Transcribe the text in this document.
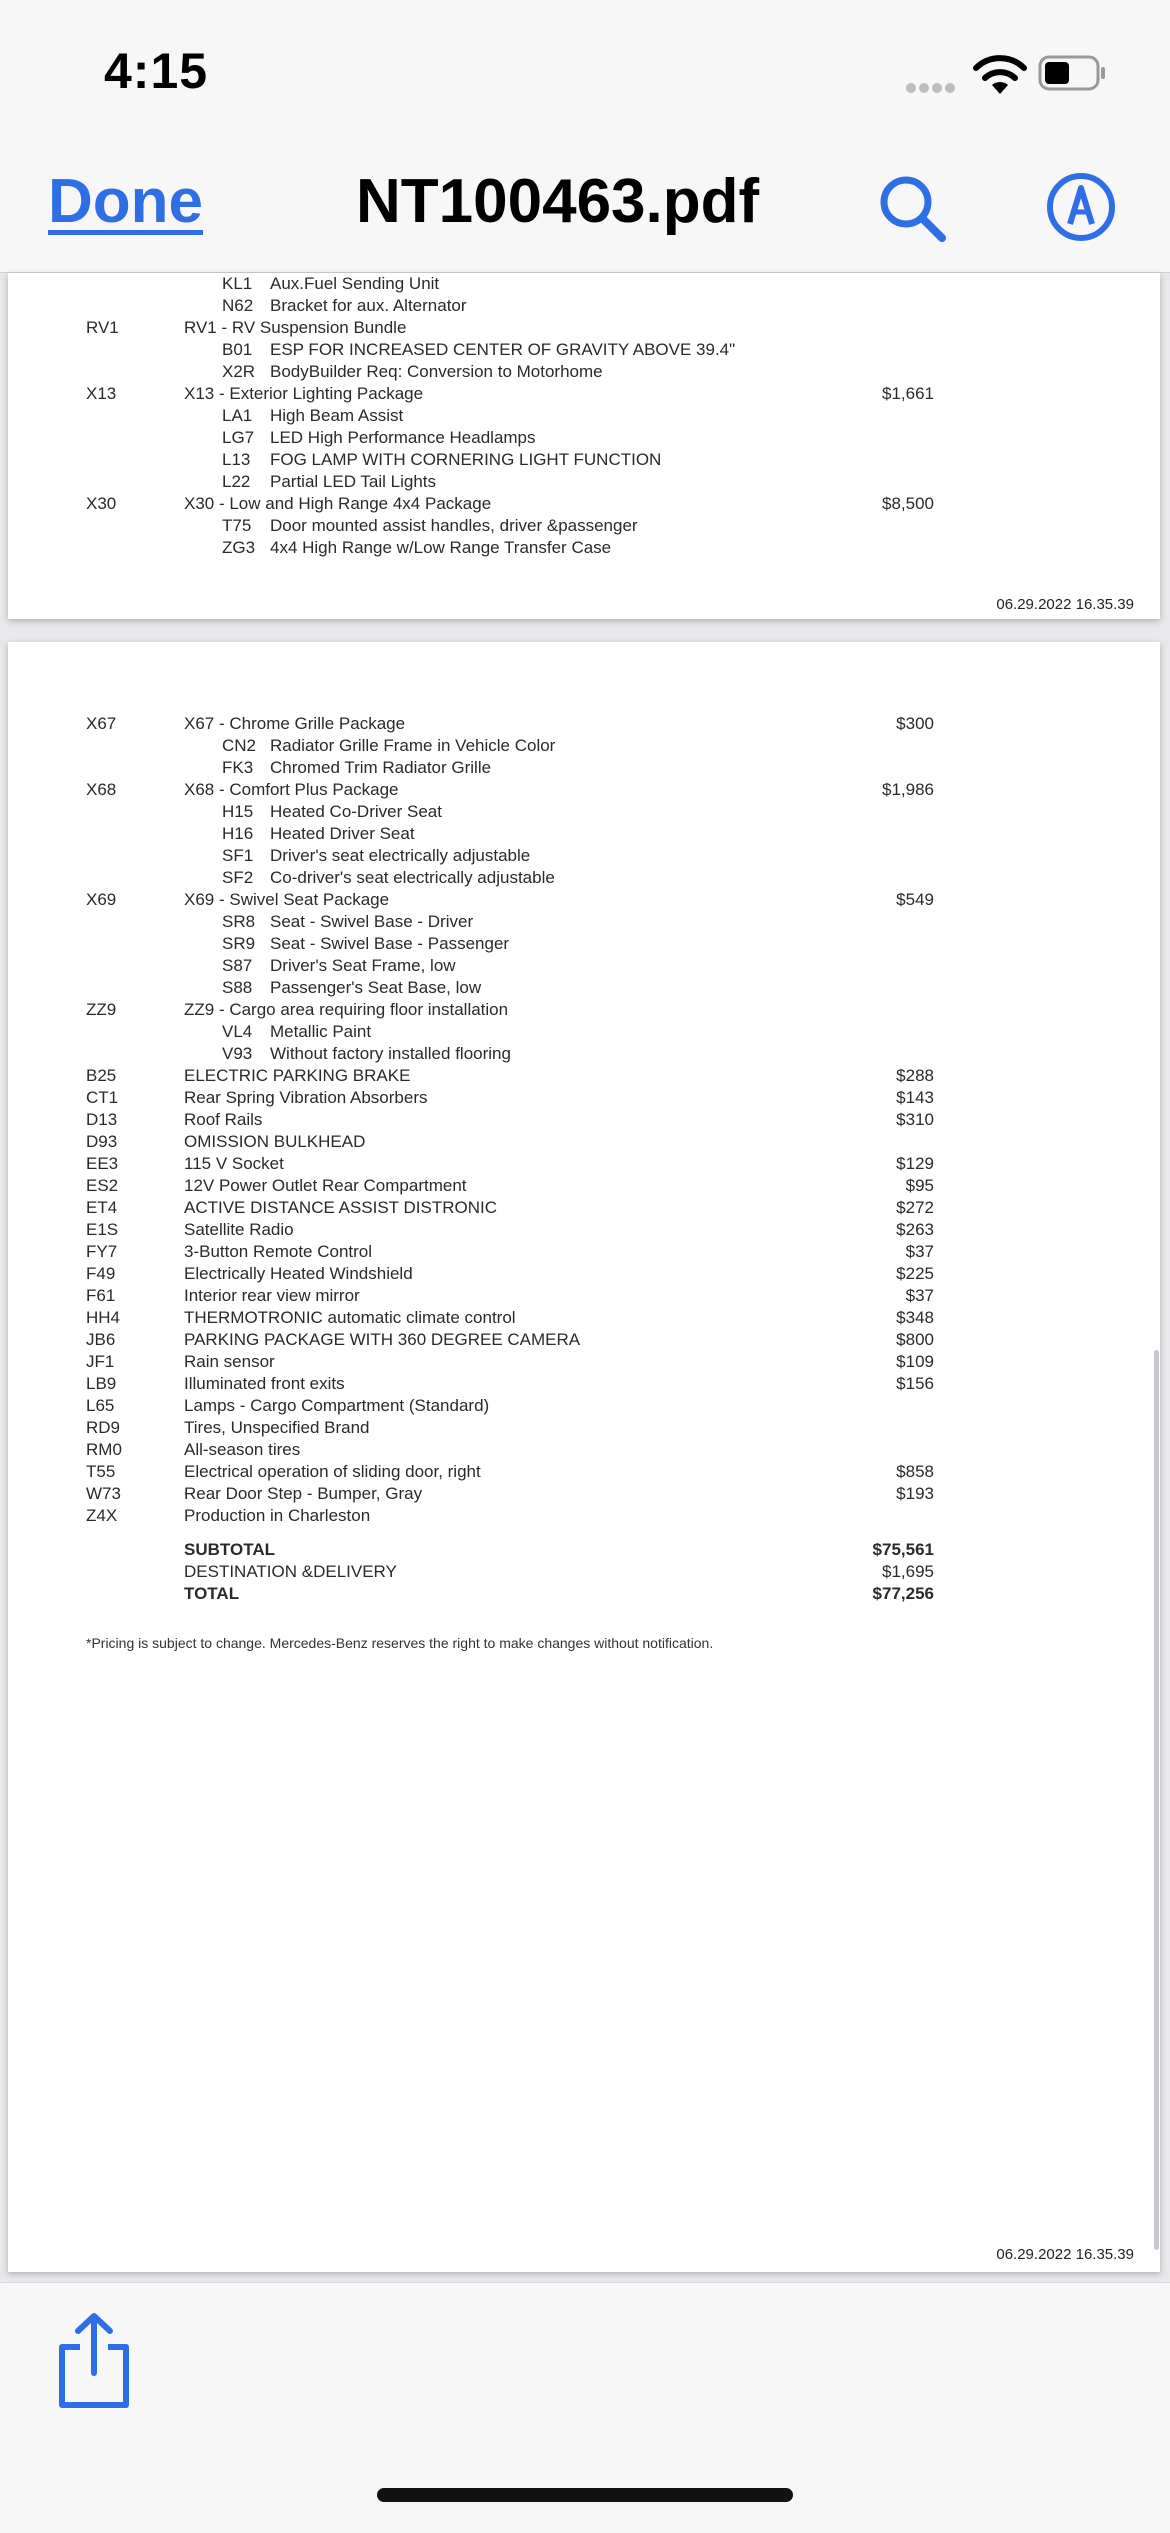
4:15
Done NT100463.pdf
KL1 Aux.Fuel Sending Unit
N62 Bracket for aux. Alternator
RV1	RV1 - RV Suspension Bundle
B01 ESP FOR INCREASED CENTER OF GRAVITY ABOVE 39.4"
X2R BodyBuilder Req: Conversion to Motorhome
X13	X13 - Exterior Lighting Package	$1,661
LA1 High Beam Assist
LG7 LED High Performance Headlamps
L13 FOG LAMP WITH CORNERING LIGHT FUNCTION
L22 Partial LED Tail Lights
X30	X30 - Low and High Range 4x4 Package	$8,500
T75 Door mounted assist handles, driver &passenger
ZG3 4x4 High Range w/Low Range Transfer Case
06.29.2022 16.35.39
X67	X67 - Chrome Grille Package	$300
CN2 Radiator Grille Frame in Vehicle Color
FK3 Chromed Trim Radiator Grille
X68	X68 - Comfort Plus Package	$1,986
H15 Heated Co-Driver Seat
H16 Heated Driver Seat
SF1 Driver's seat electrically adjustable
SF2 Co-driver's seat electrically adjustable
X69	X69 - Swivel Seat Package	$549
SR8 Seat - Swivel Base - Driver
SR9 Seat - Swivel Base - Passenger
S87 Driver's Seat Frame, low
S88 Passenger's Seat Base, low
ZZ9	ZZ9 - Cargo area requiring floor installation
VL4 Metallic Paint
V93 Without factory installed flooring
B25	ELECTRIC PARKING BRAKE	$288
CT1	Rear Spring Vibration Absorbers	$143
D13	Roof Rails	$310
D93	OMISSION BULKHEAD
EE3	115 V Socket	$129
ES2	12V Power Outlet Rear Compartment	$95
ET4	ACTIVE DISTANCE ASSIST DISTRONIC	$272
E1S	Satellite Radio	$263
FY7	3-Button Remote Control	$37
F49	Electrically Heated Windshield	$225
F61	Interior rear view mirror	$37
HH4	THERMOTRONIC automatic climate control	$348
JB6	PARKING PACKAGE WITH 360 DEGREE CAMERA	$800
JF1	Rain sensor	$109
LB9	Illuminated front exits	$156
L65	Lamps - Cargo Compartment (Standard)
RD9	Tires, Unspecified Brand
RM0	All-season tires
T55	Electrical operation of sliding door, right	$858
W73	Rear Door Step - Bumper, Gray	$193
Z4X	Production in Charleston
SUBTOTAL	$75,561
DESTINATION &DELIVERY	$1,695
TOTAL	$77,256
*Pricing is subject to change. Mercedes-Benz reserves the right to make changes without notification.
06.29.2022 16.35.39
